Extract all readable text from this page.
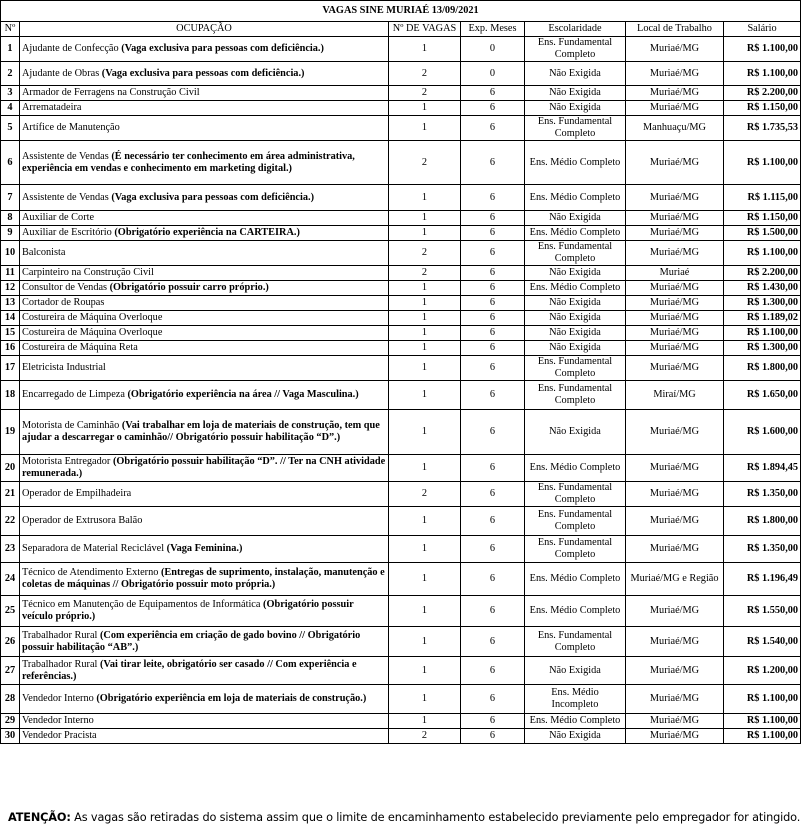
VAGAS SINE MURIAÉ 13/09/2021						
Nº	OCUPAÇÃO	Nº DE VAGAS	Exp. Meses	Escolaridade	Local de Trabalho	Salário
1	Ajudante de Confecção (Vaga exclusiva para pessoas com deficiência.)	1	0	Ens. Fundamental Completo	Muriaé/MG	R$ 1.100,00
2	Ajudante de Obras (Vaga exclusiva para pessoas com deficiência.)	2	0	Não Exigida	Muriaé/MG	R$ 1.100,00
3	Armador de Ferragens na Construção Civil	2	6	Não Exigida	Muriaé/MG	R$ 2.200,00
4	Arrematadeira	1	6	Não Exigida	Muriaé/MG	R$ 1.150,00
5	Artífice de Manutenção	1	6	Ens. Fundamental Completo	Manhuaçu/MG	R$ 1.735,53
6	Assistente de Vendas (É necessário ter conhecimento em área administrativa, experiência em vendas e conhecimento em marketing digital.)	2	6	Ens. Médio Completo	Muriaé/MG	R$ 1.100,00
7	Assistente de Vendas (Vaga exclusiva para pessoas com deficiência.)	1	6	Ens. Médio Completo	Muriaé/MG	R$ 1.115,00
8	Auxiliar de Corte	1	6	Não Exigida	Muriaé/MG	R$ 1.150,00
9	Auxiliar de Escritório (Obrigatório experiência na CARTEIRA.)	1	6	Ens. Médio Completo	Muriaé/MG	R$ 1.500,00
10	Balconista	2	6	Ens. Fundamental Completo	Muriaé/MG	R$ 1.100,00
11	Carpinteiro na Construção Civil	2	6	Não Exigida	Muriaé	R$ 2.200,00
12	Consultor de Vendas (Obrigatório possuir carro próprio.)	1	6	Ens. Médio Completo	Muriaé/MG	R$ 1.430,00
13	Cortador de Roupas	1	6	Não Exigida	Muriaé/MG	R$ 1.300,00
14	Costureira de Máquina Overloque	1	6	Não Exigida	Muriaé/MG	R$ 1.189,02
15	Costureira de Máquina Overloque	1	6	Não Exigida	Muriaé/MG	R$ 1.100,00
16	Costureira de Máquina Reta	1	6	Não Exigida	Muriaé/MG	R$ 1.300,00
17	Eletricista Industrial	1	6	Ens. Fundamental Completo	Muriaé/MG	R$ 1.800,00
18	Encarregado de Limpeza (Obrigatório experiência na área // Vaga Masculina.)	1	6	Ens. Fundamental Completo	Miraí/MG	R$ 1.650,00
19	Motorista de Caminhão (Vai trabalhar em loja de materiais de construção, tem que ajudar a descarregar o caminhão// Obrigatório possuir habilitação “D”.)	1	6	Não Exigida	Muriaé/MG	R$ 1.600,00
20	Motorista Entregador (Obrigatório possuir habilitação “D”. // Ter na CNH atividade remunerada.)	1	6	Ens. Médio Completo	Muriaé/MG	R$ 1.894,45
21	Operador de Empilhadeira	2	6	Ens. Fundamental Completo	Muriaé/MG	R$ 1.350,00
22	Operador de Extrusora Balão	1	6	Ens. Fundamental Completo	Muriaé/MG	R$ 1.800,00
23	Separadora de Material Reciclável (Vaga Feminina.)	1	6	Ens. Fundamental Completo	Muriaé/MG	R$ 1.350,00
24	Técnico de Atendimento Externo (Entregas de suprimento, instalação, manutenção e coletas de máquinas // Obrigatório possuir moto própria.)	1	6	Ens. Médio Completo	Muriaé/MG e Região	R$ 1.196,49
25	Técnico em Manutenção de Equipamentos de Informática (Obrigatório possuir veículo próprio.)	1	6	Ens. Médio Completo	Muriaé/MG	R$ 1.550,00
26	Trabalhador Rural (Com experiência em criação de gado bovino // Obrigatório possuir habilitação “AB”.)	1	6	Ens. Fundamental Completo	Muriaé/MG	R$ 1.540,00
27	Trabalhador Rural (Vai tirar leite, obrigatório ser casado // Com experiência e referências.)	1	6	Não Exigida	Muriaé/MG	R$ 1.200,00
28	Vendedor Interno (Obrigatório experiência em loja de materiais de construção.)	1	6	Ens. Médio Incompleto	Muriaé/MG	R$ 1.100,00
29	Vendedor Interno	1	6	Ens. Médio Completo	Muriaé/MG	R$ 1.100,00
30	Vendedor Pracista	2	6	Não Exigida	Muriaé/MG	R$ 1.100,00
ATENÇÃO: As vagas são retiradas do sistema assim que o limite de encaminhamento estabelecido previamente pelo empregador for atingido.
